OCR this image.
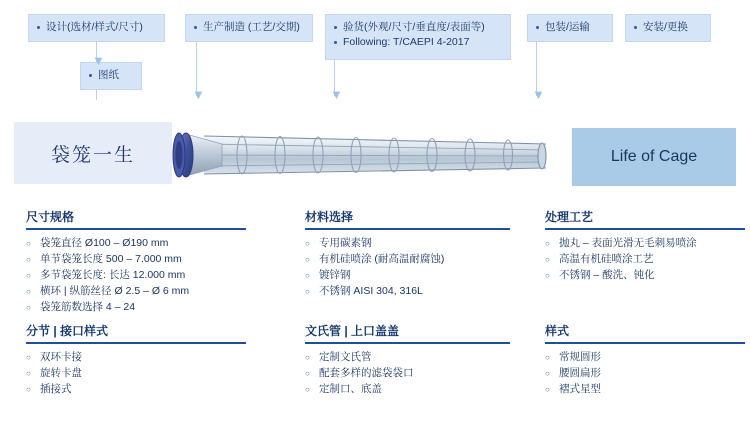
设计(选材/样式/尺寸)
图纸
生产制造 (工艺/交期)	验货(外观/尺寸/垂直度/表面等)
Following: T/CAEPI 4-2017
包装/运输	安装/更换
▼
▼	▼	▼
袋笼一生	Life of Cage
尺寸规格
○ 袋笼直径 Ø100 – Ø190 mm
○ 单节袋笼长度 500 – 7.000 mm
○ 多节袋笼长度: 长达 12.000 mm
○ 横环 | 纵筋丝径 Ø 2.5 – Ø 6 mm
○ 袋笼筋数选择 4 – 24
材料选择
○ 专用碳素钢
○ 有机硅喷涂 (耐高温耐腐蚀)
○ 镀锌钢
○ 不锈钢 AISI 304, 316L
处理工艺
○ 抛丸 – 表面光滑无毛刺易喷涂
○ 高温有机硅喷涂工艺
○ 不锈钢 – 酸洗、钝化
分节 | 接口样式
○ 双环卡接
○ 旋转卡盘
○ 插接式
文氏管 | 上口盖盖
○ 定制文氏管
○ 配套多样的滤袋袋口
○ 定制口、底盖
样式
○ 常规圆形
○ 腰圆扁形
○ 褶式星型
